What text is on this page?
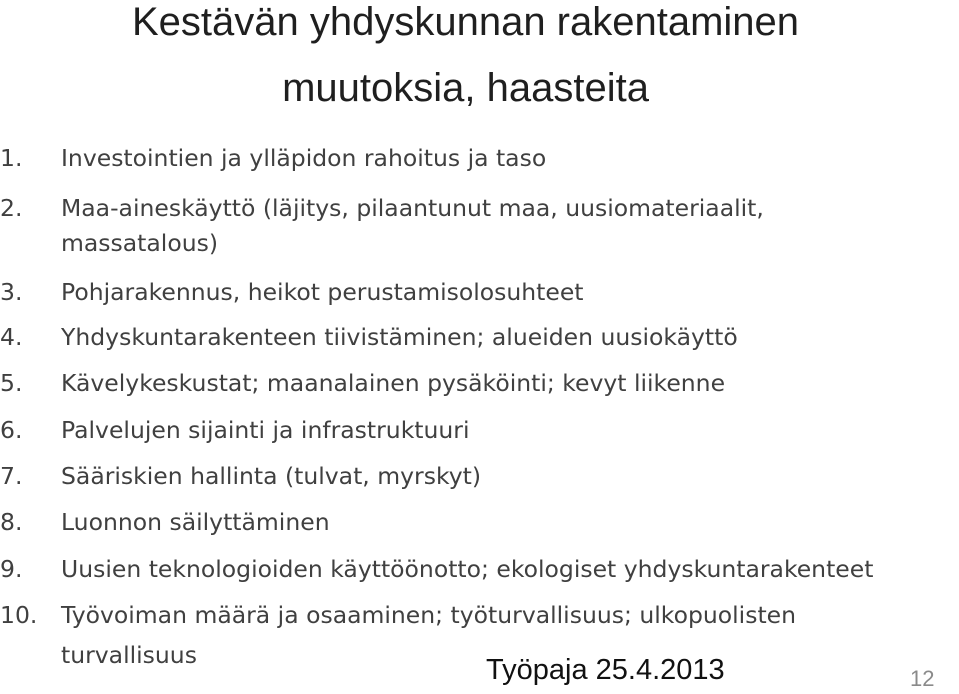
Kestävän yhdyskunnan rakentaminen
muutoksia, haasteita
1.	Investointien ja ylläpidon rahoitus ja taso
2.	Maa-aineskäyttö (läjitys, pilaantunut maa, uusiomateriaalit,
massatalous)
3.	Pohjarakennus, heikot perustamisolosuhteet
4.	Yhdyskuntarakenteen tiivistäminen; alueiden uusiokäyttö
5.	Kävelykeskustat; maanalainen pysäköinti; kevyt liikenne
6.	Palvelujen sijainti ja infrastruktuuri
7.	Sääriskien hallinta (tulvat, myrskyt)
8.	Luonnon säilyttäminen
9.	Uusien teknologioiden käyttöönotto; ekologiset yhdyskuntarakenteet
10.	Työvoiman määrä ja osaaminen; työturvallisuus; ulkopuolisten
turvallisuus	Työpaja 25.4.2013	12
